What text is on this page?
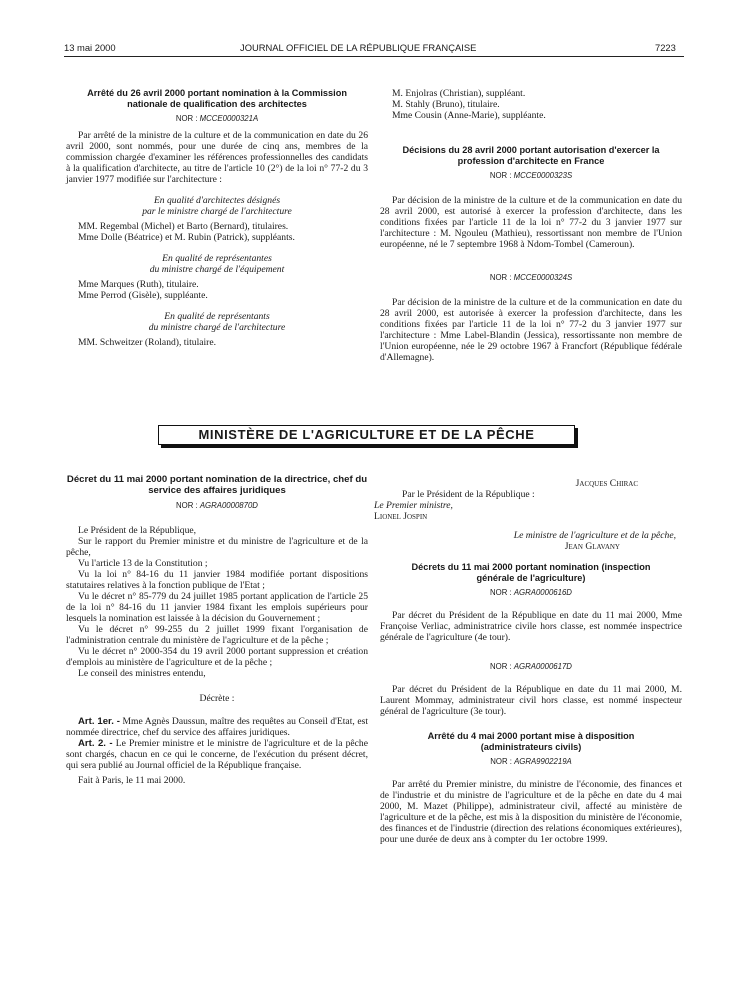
13 mai 2000	JOURNAL OFFICIEL DE LA RÉPUBLIQUE FRANÇAISE	7223
Arrêté du 26 avril 2000 portant nomination à la Commission nationale de qualification des architectes
NOR : MCCE0000321A

Par arrêté de la ministre de la culture et de la communication en date du 26 avril 2000, sont nommés, pour une durée de cinq ans, membres de la commission chargée d'examiner les références professionnelles des candidats à la qualification d'architecte, au titre de l'article 10 (2°) de la loi n° 77-2 du 3 janvier 1977 modifiée sur l'architecture :

En qualité d'architectes désignés
par le ministre chargé de l'architecture

MM. Regembal (Michel) et Barto (Bernard), titulaires.

Mme Dolle (Béatrice) et M. Rubin (Patrick), suppléants.

En qualité de représentantes
du ministre chargé de l'équipement

Mme Marques (Ruth), titulaire.

Mme Perrod (Gisèle), suppléante.

En qualité de représentants
du ministre chargé de l'architecture

MM. Schweitzer (Roland), titulaire.

M. Enjolras (Christian), suppléant.

M. Stahly (Bruno), titulaire.

Mme Cousin (Anne-Marie), suppléante.

Décisions du 28 avril 2000 portant autorisation d'exercer la profession d'architecte en France
NOR : MCCE0000323S

Par décision de la ministre de la culture et de la communication en date du 28 avril 2000, est autorisé à exercer la profession d'architecte, dans les conditions fixées par l'article 11 de la loi n° 77-2 du 3 janvier 1977 sur l'architecture : M. Ngouleu (Mathieu), ressortissant non membre de l'Union européenne, né le 7 septembre 1968 à Ndom-Tombel (Cameroun).

NOR : MCCE0000324S

Par décision de la ministre de la culture et de la communication en date du 28 avril 2000, est autorisée à exercer la profession d'architecte, dans les conditions fixées par l'article 11 de la loi n° 77-2 du 3 janvier 1977 sur l'architecture : Mme Label-Blandin (Jessica), ressortissante non membre de l'Union européenne, née le 29 octobre 1967 à Francfort (République fédérale d'Allemagne).

MINISTÈRE DE L'AGRICULTURE ET DE LA PÊCHE
Décret du 11 mai 2000 portant nomination de la directrice, chef du service des affaires juridiques
NOR : AGRA0000870D

Le Président de la République,

Sur le rapport du Premier ministre et du ministre de l'agriculture et de la pêche,

Vu l'article 13 de la Constitution ;

Vu la loi n° 84-16 du 11 janvier 1984 modifiée portant dispositions statutaires relatives à la fonction publique de l'Etat ;

Vu le décret n° 85-779 du 24 juillet 1985 portant application de l'article 25 de la loi n° 84-16 du 11 janvier 1984 fixant les emplois supérieurs pour lesquels la nomination est laissée à la décision du Gouvernement ;

Vu le décret n° 99-255 du 2 juillet 1999 fixant l'organisation de l'administration centrale du ministère de l'agriculture et de la pêche ;

Vu le décret n° 2000-354 du 19 avril 2000 portant suppression et création d'emplois au ministère de l'agriculture et de la pêche ;

Le conseil des ministres entendu,

Décrète :

Art. 1er. - Mme Agnès Daussun, maître des requêtes au Conseil d'Etat, est nommée directrice, chef du service des affaires juridiques.

Art. 2. - Le Premier ministre et le ministre de l'agriculture et de la pêche sont chargés, chacun en ce qui le concerne, de l'exécution du présent décret, qui sera publié au Journal officiel de la République française.

Fait à Paris, le 11 mai 2000.

Jacques Chirac
Par le Président de la République :
Le Premier ministre,
Lionel Jospin
Le ministre de l'agriculture et de la pêche,
Jean Glavany
Décrets du 11 mai 2000 portant nomination (inspection générale de l'agriculture)
NOR : AGRA0000616D

Par décret du Président de la République en date du 11 mai 2000, Mme Françoise Verliac, administratrice civile hors classe, est nommée inspectrice générale de l'agriculture (4e tour).

NOR : AGRA0000617D

Par décret du Président de la République en date du 11 mai 2000, M. Laurent Mommay, administrateur civil hors classe, est nommé inspecteur général de l'agriculture (3e tour).

Arrêté du 4 mai 2000 portant mise à disposition (administrateurs civils)
NOR : AGRA9902219A

Par arrêté du Premier ministre, du ministre de l'économie, des finances et de l'industrie et du ministre de l'agriculture et de la pêche en date du 4 mai 2000, M. Mazet (Philippe), administrateur civil, affecté au ministère de l'agriculture et de la pêche, est mis à la disposition du ministère de l'économie, des finances et de l'industrie (direction des relations économiques extérieures), pour une durée de deux ans à compter du 1er octobre 1999.
